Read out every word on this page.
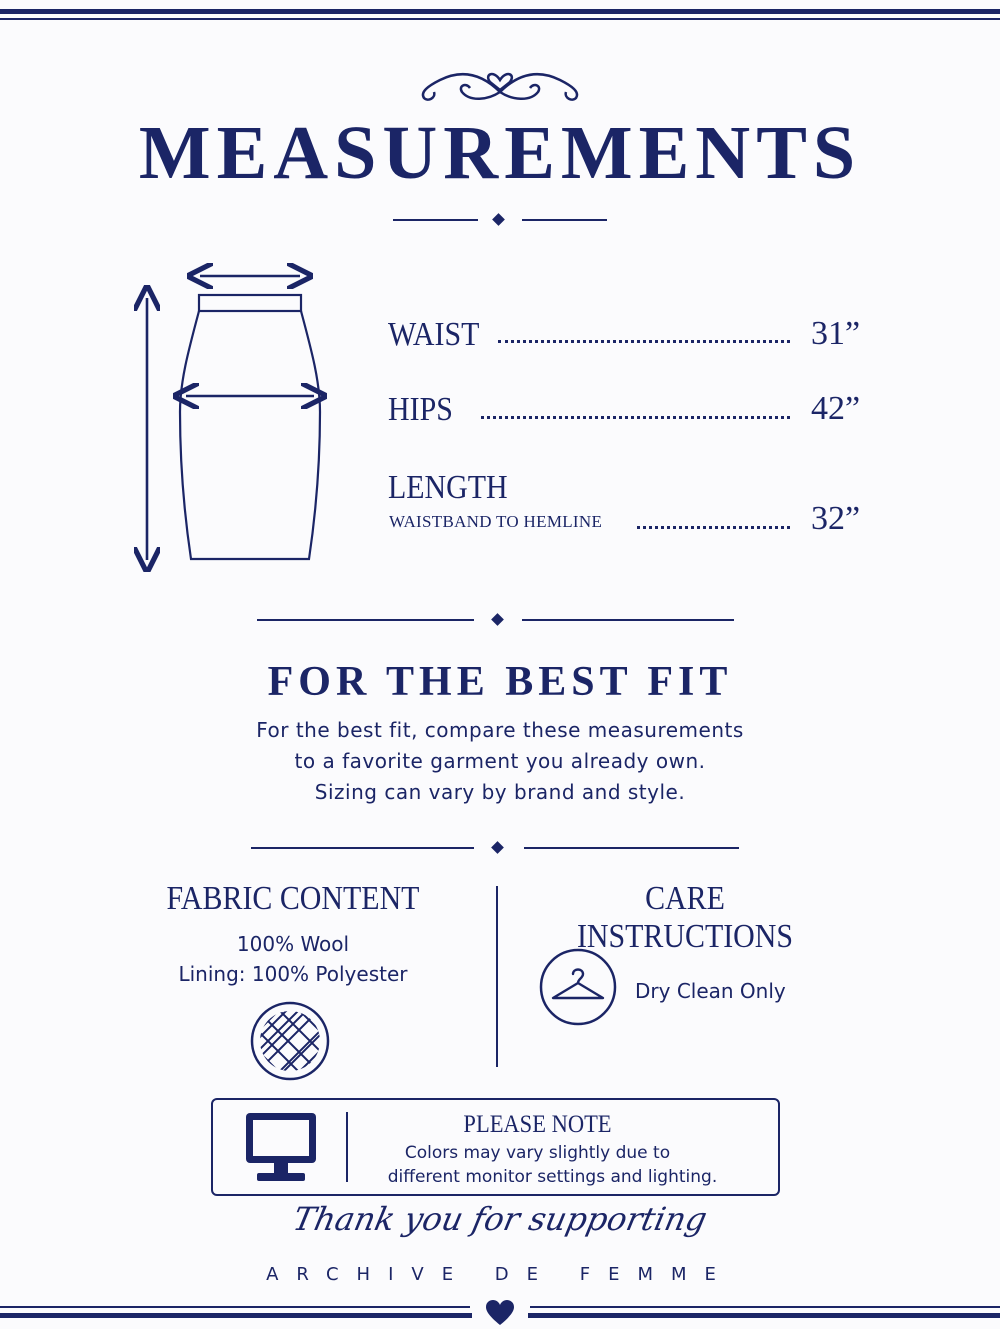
MEASUREMENTS
WAIST	31”
HIPS	42”
LENGTH
WAISTBAND TO HEMLINE	32”
FOR THE BEST FIT
For the best fit, compare these measurements
to a favorite garment you already own.
Sizing can vary by brand and style.
FABRIC CONTENT
100% Wool
Lining: 100% Polyester
CARE INSTRUCTIONS
Dry Clean Only
PLEASE NOTE
Colors may vary slightly due to
different monitor settings and lighting.
Thank you for supporting
ARCHIVE DE FEMME
